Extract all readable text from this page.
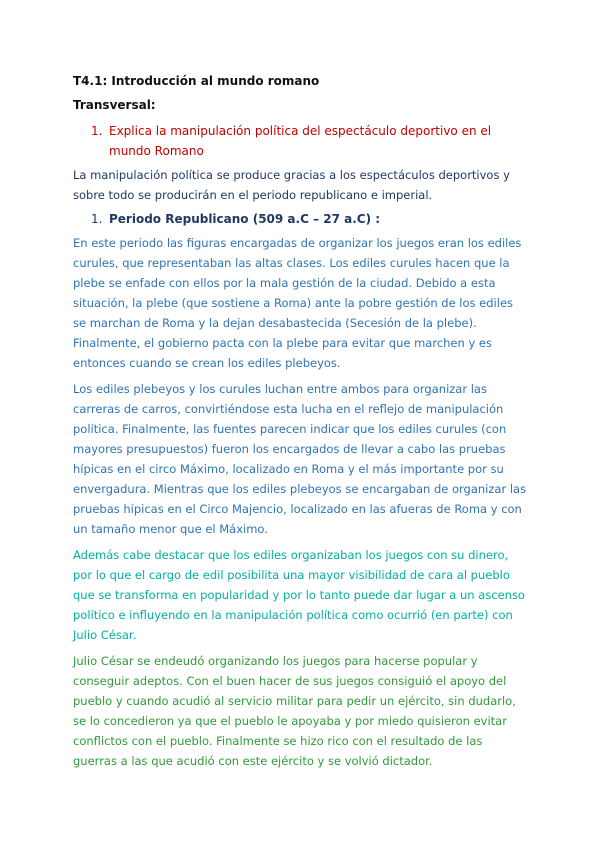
T4.1: Introducción al mundo romano
Transversal:
1. Explica la manipulación política del espectáculo deportivo en el mundo Romano
La manipulación política se produce gracias a los espectáculos deportivos y sobre todo se producirán en el periodo republicano e imperial.
1. Periodo Republicano (509 a.C – 27 a.C) :
En este periodo las figuras encargadas de organizar los juegos eran los ediles curules, que representaban las altas clases. Los ediles curules hacen que la plebe se enfade con ellos por la mala gestión de la ciudad. Debido a esta situación, la plebe (que sostiene a Roma) ante la pobre gestión de los ediles se marchan de Roma y la dejan desabastecida (Secesión de la plebe). Finalmente, el gobierno pacta con la plebe para evitar que marchen y es entonces cuando se crean los ediles plebeyos.
Los ediles plebeyos y los curules luchan entre ambos para organizar las carreras de carros, convirtiéndose esta lucha en el reflejo de manipulación política. Finalmente, las fuentes parecen indicar que los ediles curules (con mayores presupuestos) fueron los encargados de llevar a cabo las pruebas hípicas en el circo Máximo, localizado en Roma y el más importante por su envergadura. Mientras que los ediles plebeyos se encargaban de organizar las pruebas hípicas en el Circo Majencio, localizado en las afueras de Roma y con un tamaño menor que el Máximo.
Además cabe destacar que los ediles organizaban los juegos con su dinero, por lo que el cargo de edil posibilita una mayor visibilidad de cara al pueblo que se transforma en popularidad y por lo tanto puede dar lugar a un ascenso político e influyendo en la manipulación política como ocurrió (en parte) con Julio César.
Julio César se endeudó organizando los juegos para hacerse popular y conseguir adeptos. Con el buen hacer de sus juegos consiguió el apoyo del pueblo y cuando acudió al servicio militar para pedir un ejército, sin dudarlo, se lo concedieron ya que el pueblo le apoyaba y por miedo quisieron evitar conflictos con el pueblo. Finalmente se hizo rico con el resultado de las guerras a las que acudió con este ejército y se volvió dictador.
